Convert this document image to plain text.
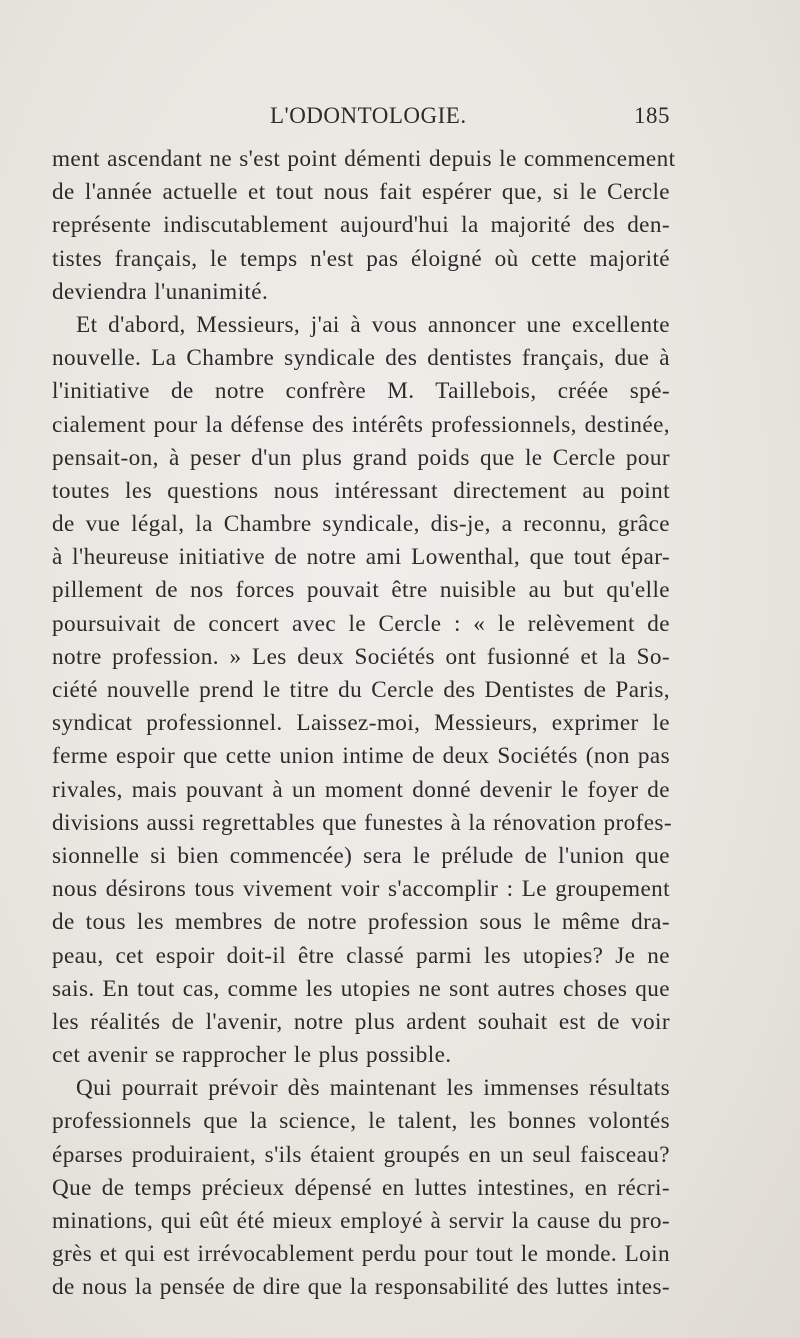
L'ODONTOLOGIE.	185
ment ascendant ne s'est point démenti depuis le commencement
de l'année actuelle et tout nous fait espérer que, si le Cercle
représente indiscutablement aujourd'hui la majorité des den-
tistes français, le temps n'est pas éloigné où cette majorité
deviendra l'unanimité.
Et d'abord, Messieurs, j'ai à vous annoncer une excellente
nouvelle. La Chambre syndicale des dentistes français, due à
l'initiative de notre confrère M. Taillebois, créée spé-
cialement pour la défense des intérêts professionnels, destinée,
pensait-on, à peser d'un plus grand poids que le Cercle pour
toutes les questions nous intéressant directement au point
de vue légal, la Chambre syndicale, dis-je, a reconnu, grâce
à l'heureuse initiative de notre ami Lowenthal, que tout épar-
pillement de nos forces pouvait être nuisible au but qu'elle
poursuivait de concert avec le Cercle : « le relèvement de
notre profession. » Les deux Sociétés ont fusionné et la So-
ciété nouvelle prend le titre du Cercle des Dentistes de Paris,
syndicat professionnel. Laissez-moi, Messieurs, exprimer le
ferme espoir que cette union intime de deux Sociétés (non pas
rivales, mais pouvant à un moment donné devenir le foyer de
divisions aussi regrettables que funestes à la rénovation profes-
sionnelle si bien commencée) sera le prélude de l'union que
nous désirons tous vivement voir s'accomplir : Le groupement
de tous les membres de notre profession sous le même dra-
peau, cet espoir doit-il être classé parmi les utopies? Je ne
sais. En tout cas, comme les utopies ne sont autres choses que
les réalités de l'avenir, notre plus ardent souhait est de voir
cet avenir se rapprocher le plus possible.
Qui pourrait prévoir dès maintenant les immenses résultats
professionnels que la science, le talent, les bonnes volontés
éparses produiraient, s'ils étaient groupés en un seul faisceau?
Que de temps précieux dépensé en luttes intestines, en récri-
minations, qui eût été mieux employé à servir la cause du pro-
grès et qui est irrévocablement perdu pour tout le monde. Loin
de nous la pensée de dire que la responsabilité des luttes intes-
